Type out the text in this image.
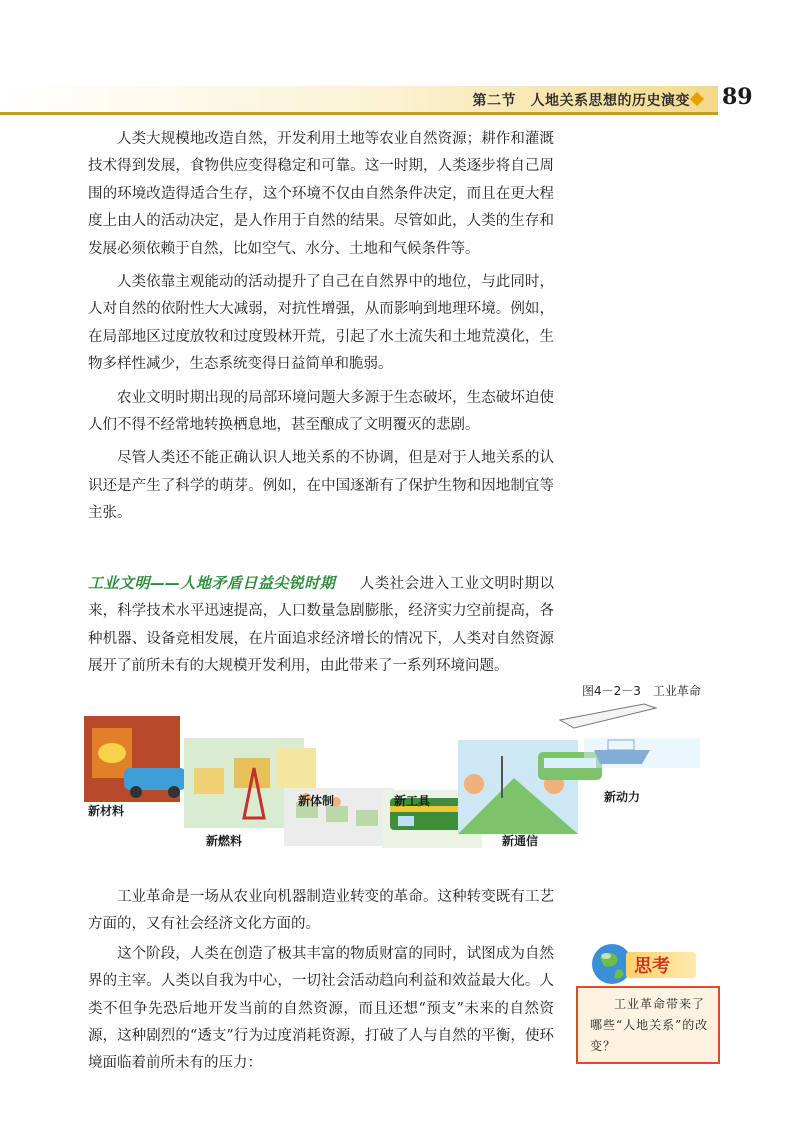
第二节　人地关系思想的历史演变 89

人类大规模地改造自然，开发利用土地等农业自然资源；耕作和灌溉技术得到发展，食物供应变得稳定和可靠。这一时期，人类逐步将自己周围的环境改造得适合生存，这个环境不仅由自然条件决定，而且在更大程度上由人的活动决定，是人作用于自然的结果。尽管如此，人类的生存和发展必须依赖于自然，比如空气、水分、土地和气候条件等。

人类依靠主观能动的活动提升了自己在自然界中的地位，与此同时，人对自然的依附性大大减弱，对抗性增强，从而影响到地理环境。例如，在局部地区过度放牧和过度毁林开荒，引起了水土流失和土地荒漠化，生物多样性减少，生态系统变得日益简单和脆弱。

农业文明时期出现的局部环境问题大多源于生态破坏，生态破坏迫使人们不得不经常地转换栖息地，甚至酿成了文明覆灭的悲剧。

尽管人类还不能正确认识人地关系的不协调，但是对于人地关系的认识还是产生了科学的萌芽。例如，在中国逐渐有了保护生物和因地制宜等主张。

工业文明——人地矛盾日益尖锐时期 人类社会进入工业文明时期以来，科学技术水平迅速提高，人口数量急剧膨胀，经济实力空前提高，各种机器、设备竞相发展，在片面追求经济增长的情况下，人类对自然资源展开了前所未有的大规模开发利用，由此带来了一系列环境问题。

图4－2－3　工业革命
新材料
新燃料
新体制	新工具
新通信
新动力

工业革命是一场从农业向机器制造业转变的革命。这种转变既有工艺方面的，又有社会经济文化方面的。

这个阶段，人类在创造了极其丰富的物质财富的同时，试图成为自然界的主宰。人类以自我为中心，一切社会活动趋向利益和效益最大化。人类不但争先恐后地开发当前的自然资源，而且还想“预支”未来的自然资源，这种剧烈的“透支”行为过度消耗资源，打破了人与自然的平衡，使环境面临着前所未有的压力：

思考
工业革命带来了哪些“人地关系”的改变？
